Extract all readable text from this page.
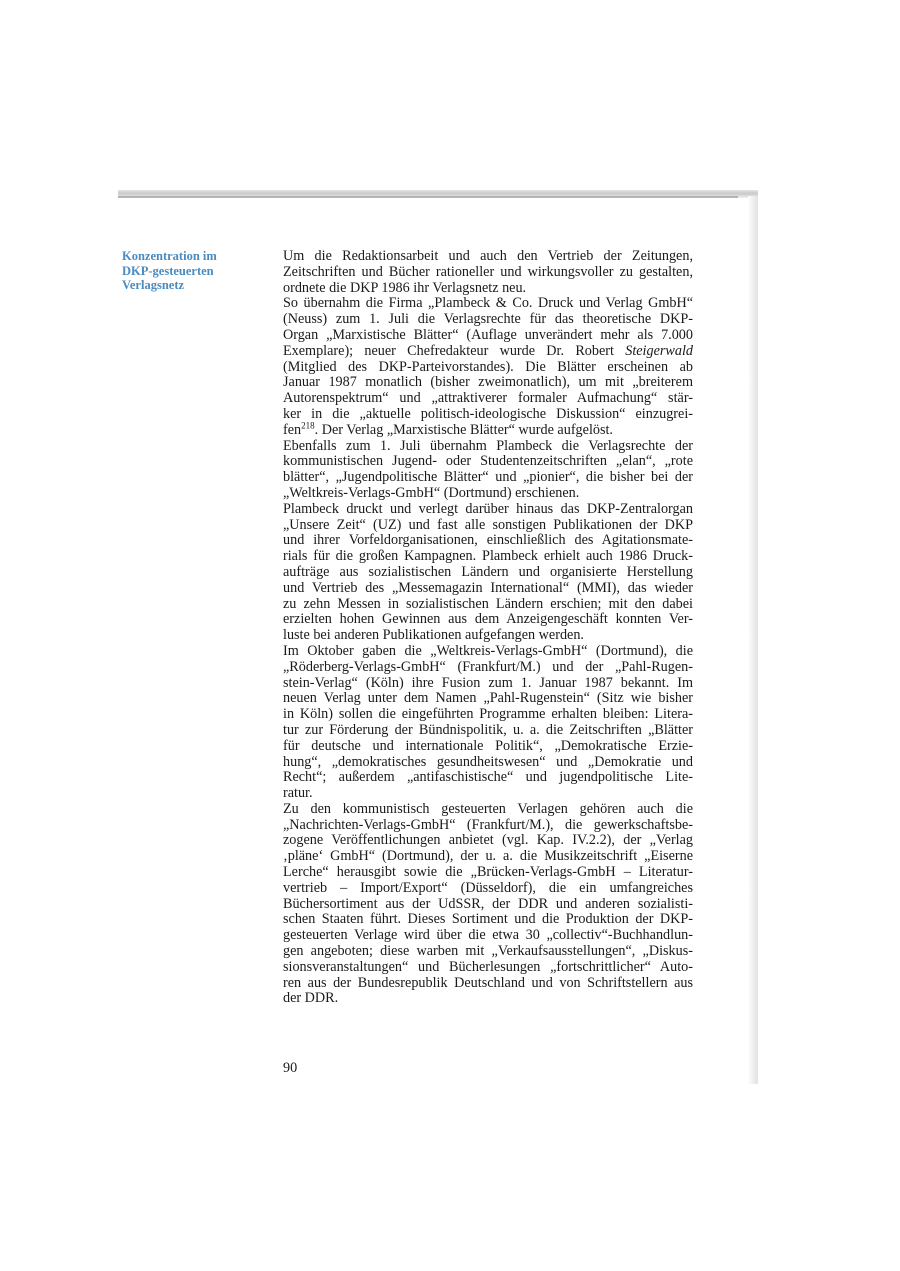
Konzentration im
DKP-gesteuerten
Verlagsnetz

Um die Redaktionsarbeit und auch den Vertrieb der Zeitungen,
Zeitschriften und Bücher rationeller und wirkungsvoller zu gestalten,
ordnete die DKP 1986 ihr Verlagsnetz neu.

So übernahm die Firma „Plambeck & Co. Druck und Verlag GmbH“
(Neuss) zum 1. Juli die Verlagsrechte für das theoretische DKP-
Organ „Marxistische Blätter“ (Auflage unverändert mehr als 7.000
Exemplare); neuer Chefredakteur wurde Dr. Robert Steigerwald
(Mitglied des DKP-Parteivorstandes). Die Blätter erscheinen ab
Januar 1987 monatlich (bisher zweimonatlich), um mit „breiterem
Autorenspektrum“ und „attraktiverer formaler Aufmachung“ stär-
ker in die „aktuelle politisch-ideologische Diskussion“ einzugrei-
fen$^{218}$. Der Verlag „Marxistische Blätter“ wurde aufgelöst.

Ebenfalls zum 1. Juli übernahm Plambeck die Verlagsrechte der
kommunistischen Jugend- oder Studentenzeitschriften „elan“, „rote
blätter“, „Jugendpolitische Blätter“ und „pionier“, die bisher bei der
„Weltkreis-Verlags-GmbH“ (Dortmund) erschienen.

Plambeck druckt und verlegt darüber hinaus das DKP-Zentralorgan
„Unsere Zeit“ (UZ) und fast alle sonstigen Publikationen der DKP
und ihrer Vorfeldorganisationen, einschließlich des Agitationsmate-
rials für die großen Kampagnen. Plambeck erhielt auch 1986 Druck-
aufträge aus sozialistischen Ländern und organisierte Herstellung
und Vertrieb des „Messemagazin International“ (MMI), das wieder
zu zehn Messen in sozialistischen Ländern erschien; mit den dabei
erzielten hohen Gewinnen aus dem Anzeigengeschäft konnten Ver-
luste bei anderen Publikationen aufgefangen werden.

Im Oktober gaben die „Weltkreis-Verlags-GmbH“ (Dortmund), die
„Röderberg-Verlags-GmbH“ (Frankfurt/M.) und der „Pahl-Rugen-
stein-Verlag“ (Köln) ihre Fusion zum 1. Januar 1987 bekannt. Im
neuen Verlag unter dem Namen „Pahl-Rugenstein“ (Sitz wie bisher
in Köln) sollen die eingeführten Programme erhalten bleiben: Litera-
tur zur Förderung der Bündnispolitik, u. a. die Zeitschriften „Blätter
für deutsche und internationale Politik“, „Demokratische Erzie-
hung“, „demokratisches gesundheitswesen“ und „Demokratie und
Recht“; außerdem „antifaschistische“ und jugendpolitische Lite-
ratur.

Zu den kommunistisch gesteuerten Verlagen gehören auch die
„Nachrichten-Verlags-GmbH“ (Frankfurt/M.), die gewerkschaftsbe-
zogene Veröffentlichungen anbietet (vgl. Kap. IV.2.2), der „Verlag
‚pläne‘ GmbH“ (Dortmund), der u. a. die Musikzeitschrift „Eiserne
Lerche“ herausgibt sowie die „Brücken-Verlags-GmbH – Literatur-
vertrieb – Import/Export“ (Düsseldorf), die ein umfangreiches
Büchersortiment aus der UdSSR, der DDR und anderen sozialisti-
schen Staaten führt. Dieses Sortiment und die Produktion der DKP-
gesteuerten Verlage wird über die etwa 30 „collectiv“-Buchhandlun-
gen angeboten; diese warben mit „Verkaufsausstellungen“, „Diskus-
sionsveranstaltungen“ und Bücherlesungen „fortschrittlicher“ Auto-
ren aus der Bundesrepublik Deutschland und von Schriftstellern aus
der DDR.

90
